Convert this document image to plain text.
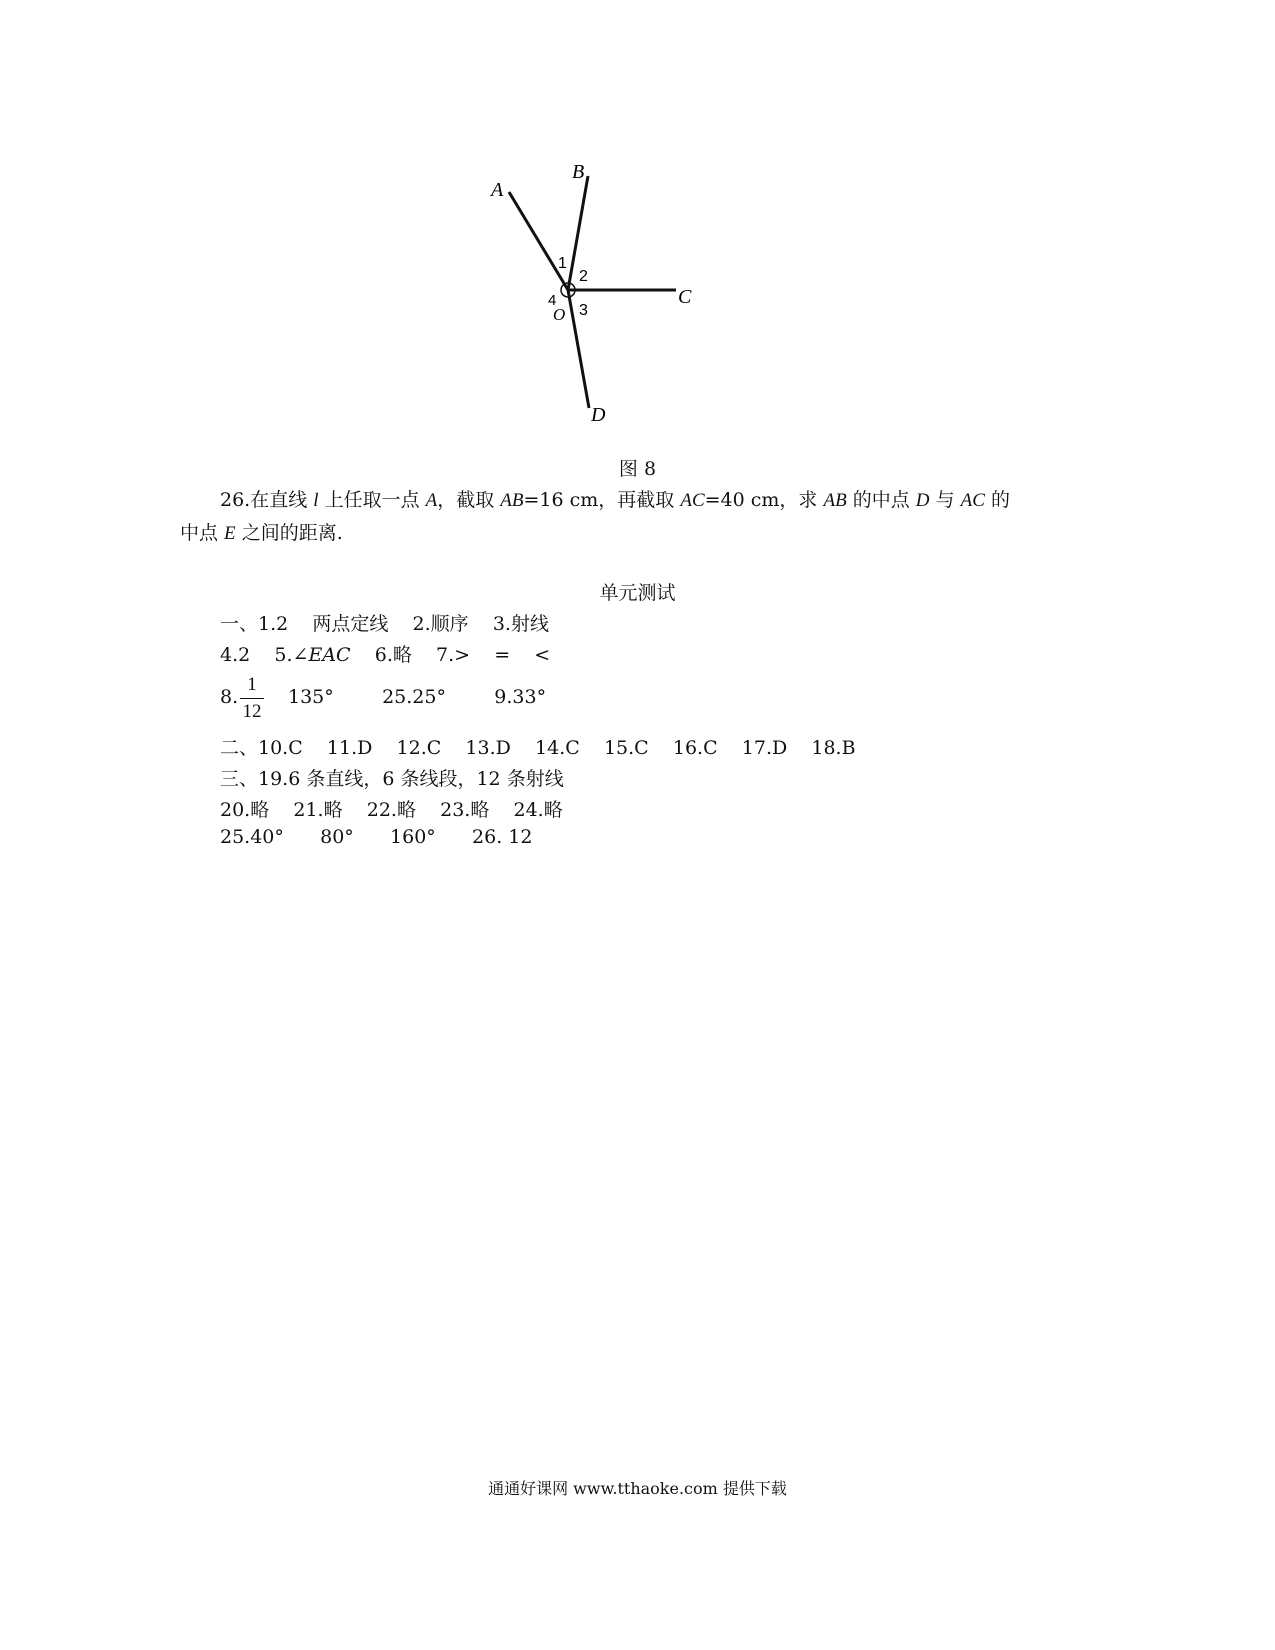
A
B
C
D
O
1
2
3
4
图 8
26.在直线 l 上任取一点 A，截取 AB=16 cm，再截取 AC=40 cm，求 AB 的中点 D 与 AC 的
中点 E 之间的距离.
单元测试
一、1.2    两点定线    2.顺序    3.射线
4.2    5.∠EAC    6.略    7.>    =    <
8.
1
12
135°        25.25°        9.33°
二、10.C    11.D    12.C    13.D    14.C    15.C    16.C    17.D    18.B
三、19.6 条直线，6 条线段，12 条射线
20.略    21.略    22.略    23.略    24.略
25.40°      80°      160°      26. 12
通通好课网 www.tthaoke.com 提供下载
